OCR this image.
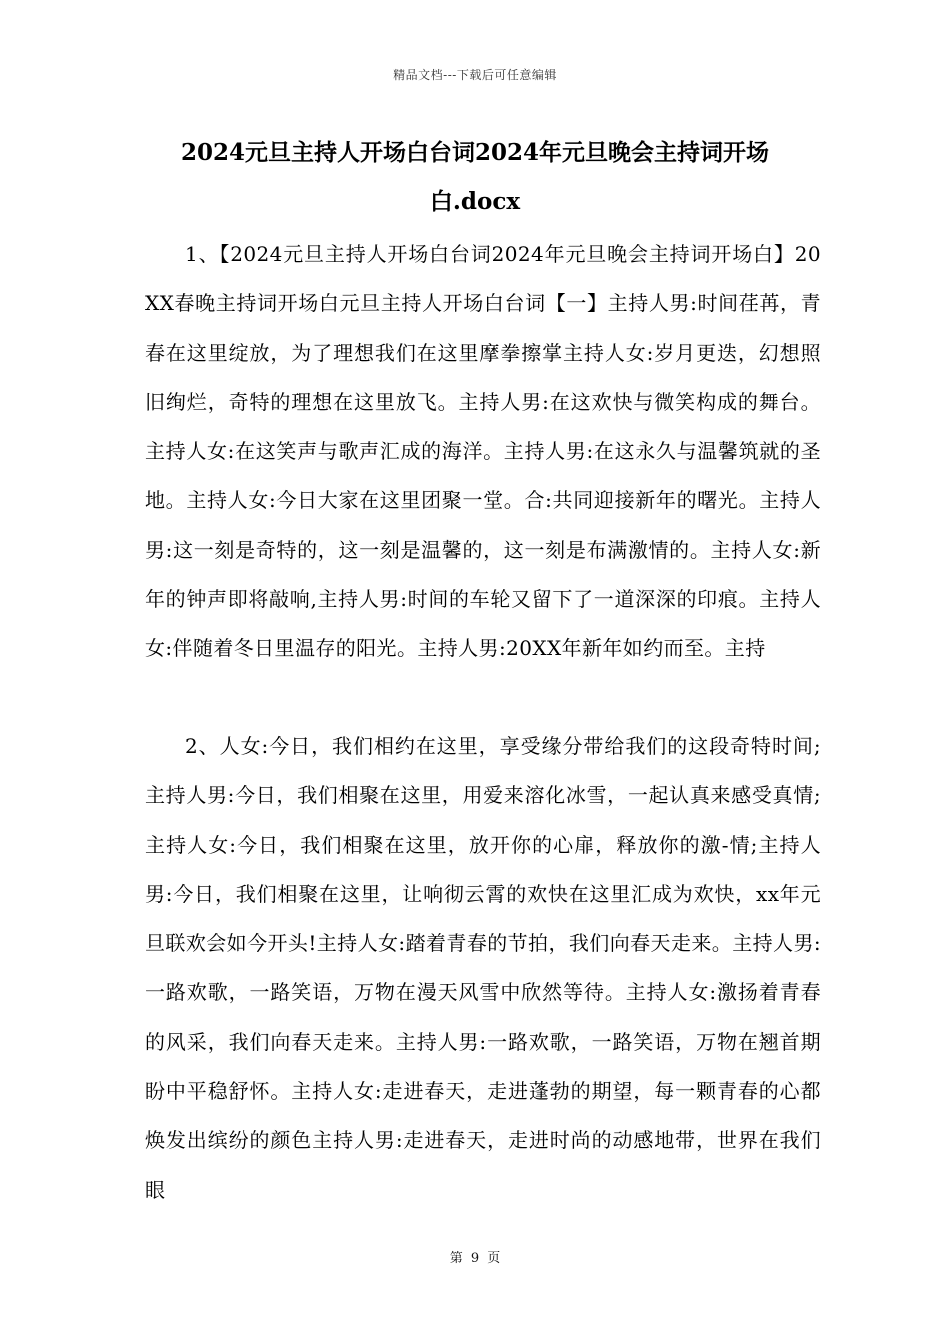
精品文档---下载后可任意编辑
2024元旦主持人开场白台词2024年元旦晚会主持词开场白.docx

1、【2024元旦主持人开场白台词2024年元旦晚会主持词开场白】20XX春晚主持词开场白元旦主持人开场白台词【一】主持人男:时间荏苒，青春在这里绽放，为了理想我们在这里摩拳擦掌主持人女:岁月更迭，幻想照旧绚烂，奇特的理想在这里放飞。主持人男:在这欢快与微笑构成的舞台。主持人女:在这笑声与歌声汇成的海洋。主持人男:在这永久与温馨筑就的圣地。主持人女:今日大家在这里团聚一堂。合:共同迎接新年的曙光。主持人男:这一刻是奇特的，这一刻是温馨的，这一刻是布满激情的。主持人女:新年的钟声即将敲响,主持人男:时间的车轮又留下了一道深深的印痕。主持人女:伴随着冬日里温存的阳光。主持人男:20XX年新年如约而至。主持

2、人女:今日，我们相约在这里，享受缘分带给我们的这段奇特时间;主持人男:今日，我们相聚在这里，用爱来溶化冰雪，一起认真来感受真情;主持人女:今日，我们相聚在这里，放开你的心扉，释放你的激-情;主持人男:今日，我们相聚在这里，让响彻云霄的欢快在这里汇成为欢快，xx年元旦联欢会如今开头!主持人女:踏着青春的节拍，我们向春天走来。主持人男:一路欢歌，一路笑语，万物在漫天风雪中欣然等待。主持人女:激扬着青春的风采，我们向春天走来。主持人男:一路欢歌，一路笑语，万物在翘首期盼中平稳舒怀。主持人女:走进春天，走进蓬勃的期望，每一颗青春的心都焕发出缤纷的颜色主持人男:走进春天，走进时尚的动感地带，世界在我们眼

第 9 页
